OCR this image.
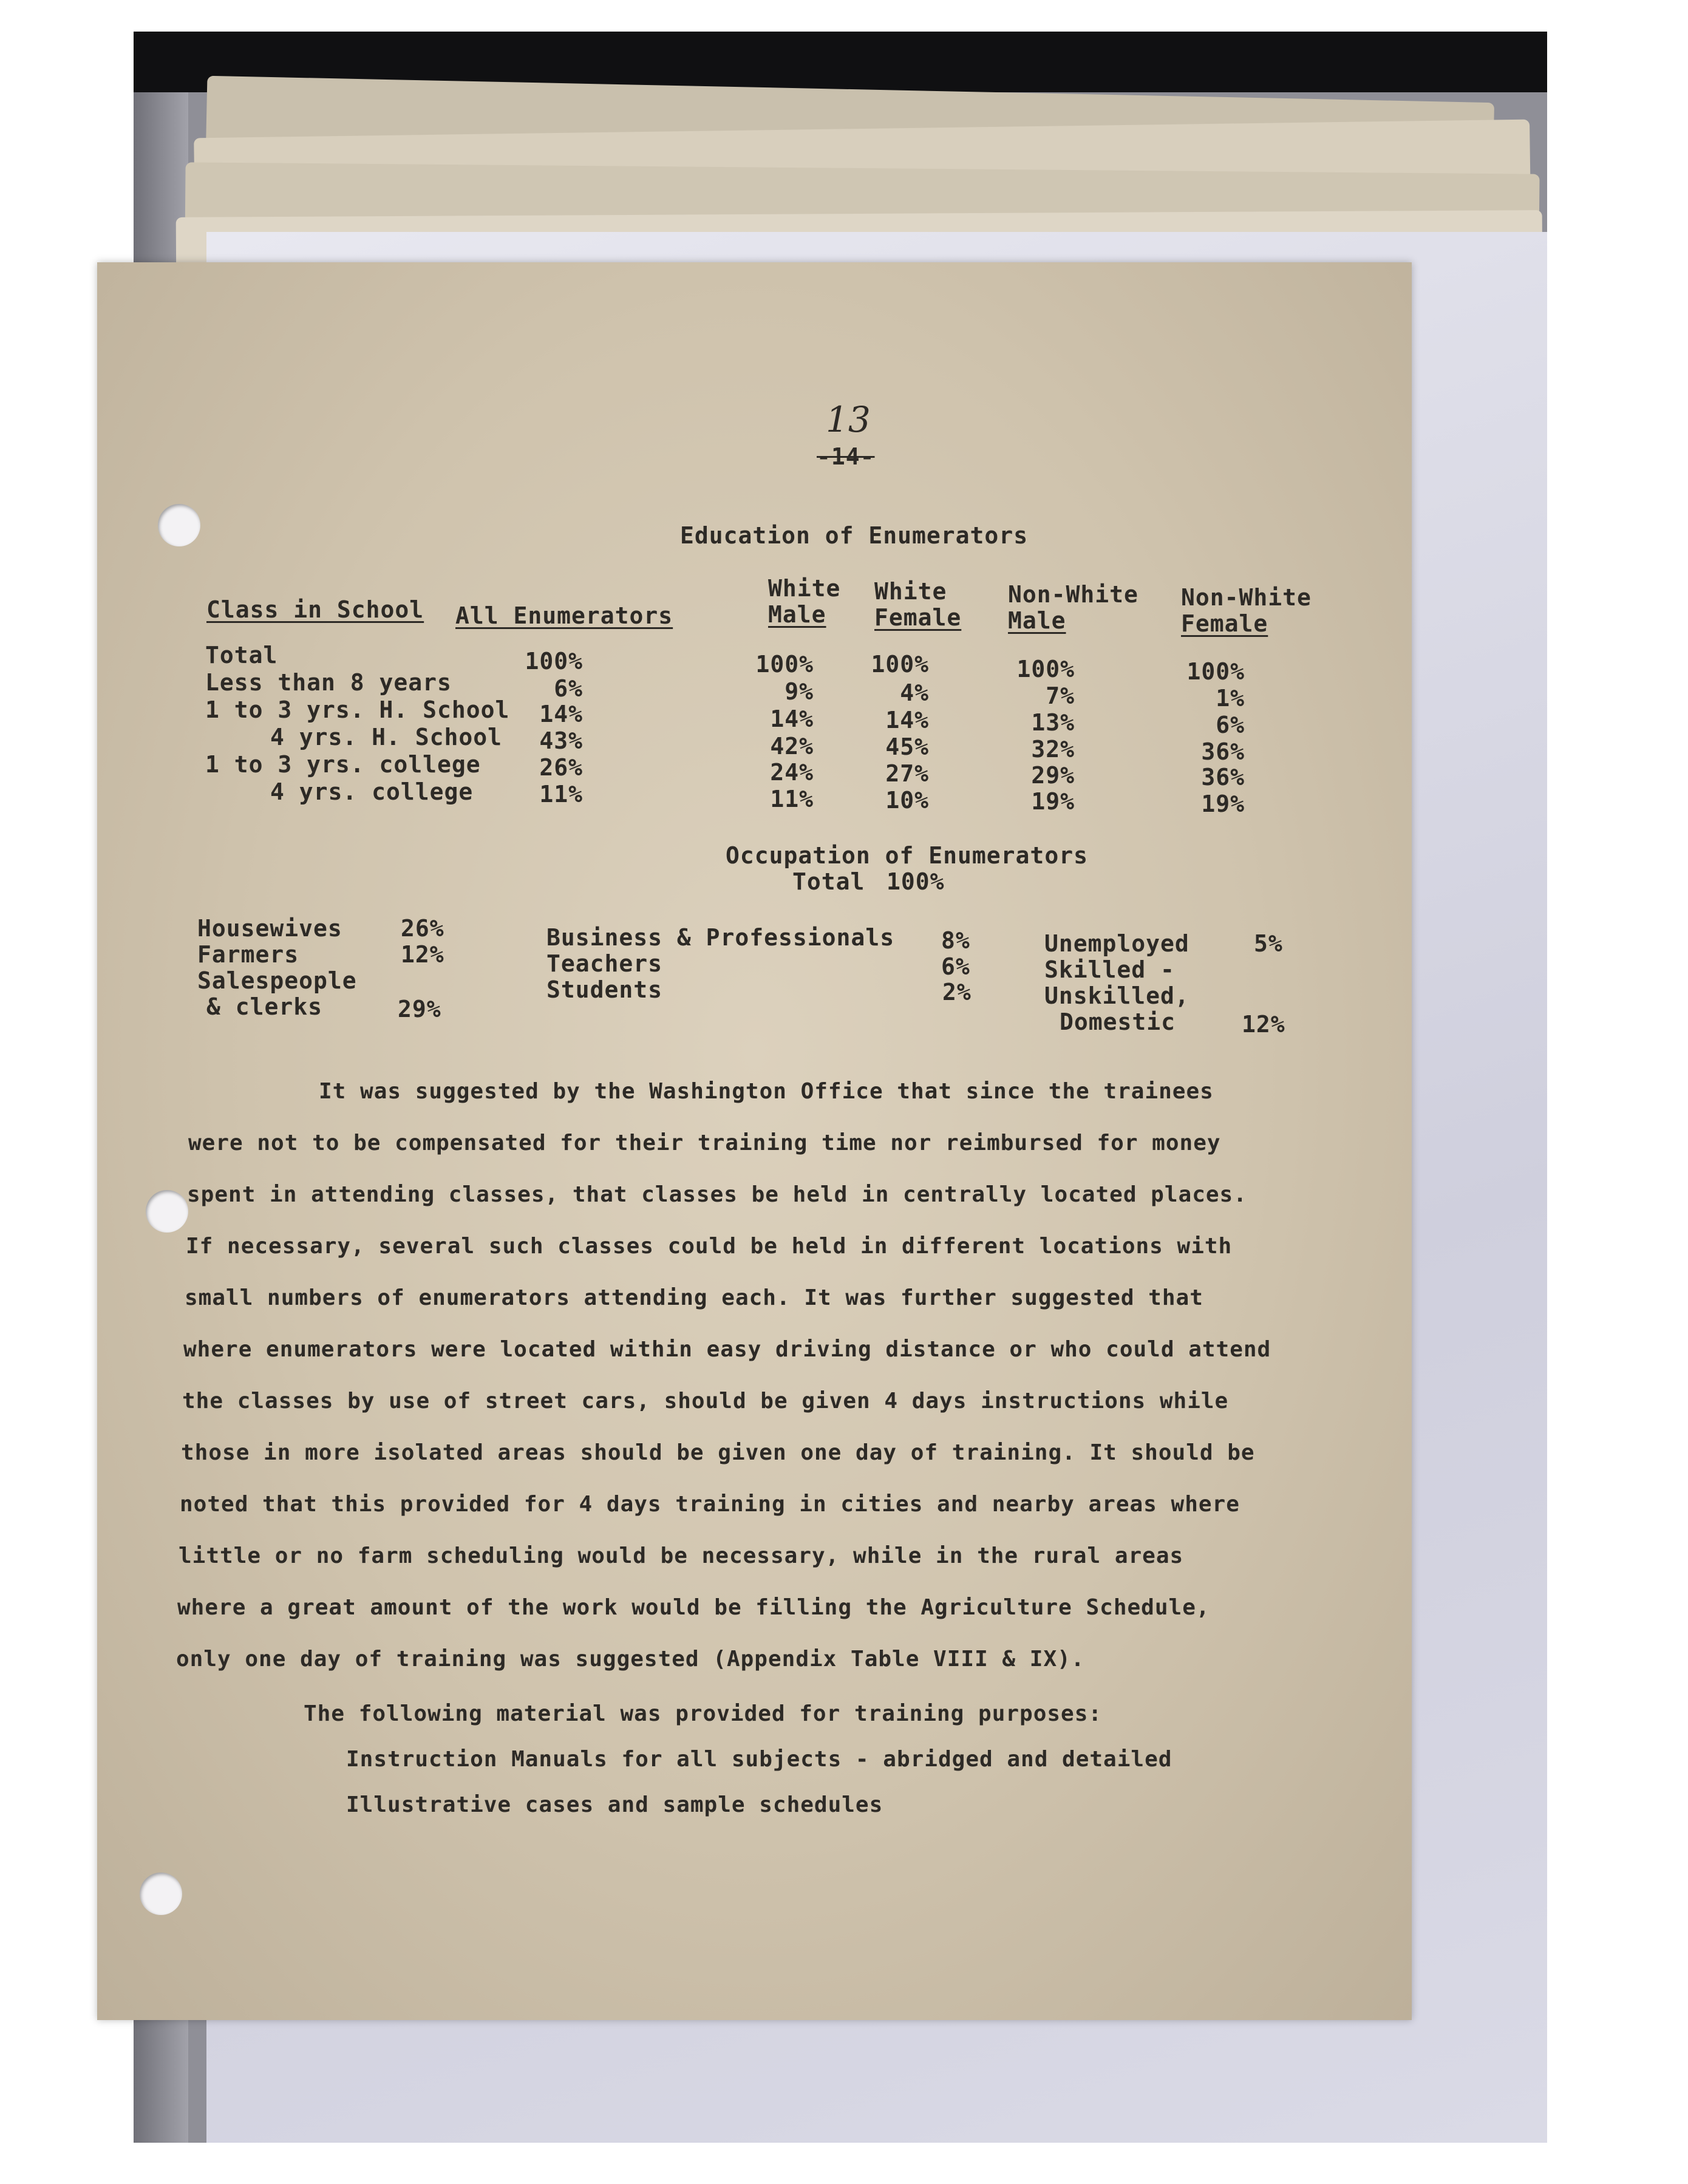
13
-14-
Education of Enumerators
Class in School All Enumerators
White
Male
White
Female
Non-White
Male
Non-White
Female
Total
Less than 8 years
1 to 3 yrs. H. School
4 yrs. H. School
1 to 3 yrs. college
4 yrs. college
100%
6%
14%
43%
26%
11%
100%
9%
14%
42%
24%
11%
100%
4%
14%
45%
27%
10%
100%
7%
13%
32%
29%
19%
100%
1%
6%
36%
36%
19%
Occupation of Enumerators
Total 100%
Housewives
Farmers
Salespeople
& clerks
26%
12%
29%
Business & Professionals
Teachers
Students
8%
6%
2%
Unemployed
Skilled -
Unskilled,
Domestic
5%
12%
It was suggested by the Washington Office that since the trainees
were not to be compensated for their training time nor reimbursed for money
spent in attending classes, that classes be held in centrally located places.
If necessary, several such classes could be held in different locations with
small numbers of enumerators attending each. It was further suggested that
where enumerators were located within easy driving distance or who could attend
the classes by use of street cars, should be given 4 days instructions while
those in more isolated areas should be given one day of training. It should be
noted that this provided for 4 days training in cities and nearby areas where
little or no farm scheduling would be necessary, while in the rural areas
where a great amount of the work would be filling the Agriculture Schedule,
only one day of training was suggested (Appendix Table VIII & IX).
The following material was provided for training purposes:
Instruction Manuals for all subjects - abridged and detailed
Illustrative cases and sample schedules
